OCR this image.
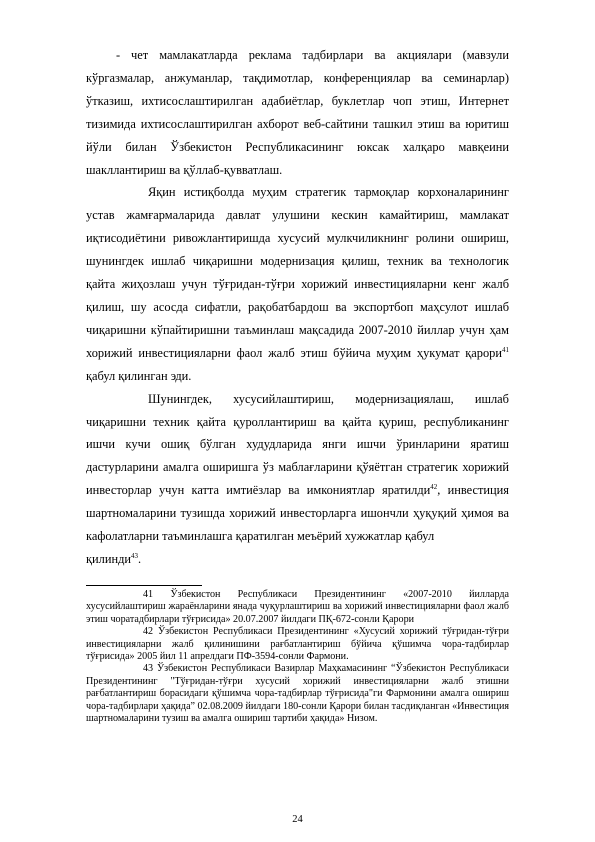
- чет мамлакатларда реклама тадбирлари ва акциялари (мавзули кўргазмалар, анжуманлар, тақдимотлар, конференциялар ва семинарлар) ўтказиш, ихтисослаштирилган адабиётлар, буклетлар чоп этиш, Интернет тизимида ихтисослаштирилган ахборот веб-сайтини ташкил этиш ва юритиш йўли билан Ўзбекистон Республикасининг юксак халқаро мавқеини шакллантириш ва қўллаб-қувватлаш.

Яқин истиқболда муҳим стратегик тармоқлар корхоналарининг устав жамғармаларида давлат улушини кескин камайтириш, мамлакат иқтисодиётини ривожлантиришда хусусий мулкчиликнинг ролини ошириш, шунингдек ишлаб чиқаришни модернизация қилиш, техник ва технологик қайта жиҳозлаш учун тўғридан-тўғри хорижий инвестицияларни кенг жалб қилиш, шу асосда сифатли, рақобатбардош ва экспортбоп маҳсулот ишлаб чиқаришни кўпайтиришни таъминлаш мақсадида 2007-2010 йиллар учун ҳам хорижий инвестицияларни фаол жалб этиш бўйича муҳим ҳукумат қарори$^{41}$ қабул қилинган эди.

Шунингдек, хусусийлаштириш, модернизациялаш, ишлаб чиқаришни техник қайта қуроллантириш ва қайта қуриш, республиканинг ишчи кучи ошиқ бўлган худудларида янги ишчи ўринларини яратиш дастурларини амалга оширишга ўз маблағларини қўяётган стратегик хорижий инвесторлар учун катта имтиёзлар ва имкониятлар яратилди$^{42}$, инвестиция шартномаларини тузишда хорижий инвесторларга ишончли ҳуқуқий ҳимоя ва кафолатларни таъминлашга қаратилган меъёрий хужжатлар қабул

қилинди$^{43}$.

41 Ўзбекистон Республикаси Президентининг «2007-2010 йилларда хусусийлаштириш жараёнларини янада чуқурлаштириш ва хорижий инвестицияларни фаол жалб этиш чоратадбирлари тўғрисида» 20.07.2007 йилдаги ПҚ-672-сонли Қарори

42 Ўзбекистон Республикаси Президентининг «Хусусий хорижий тўғридан-тўғри инвестицияларни жалб қилинишини рағбатлантириш бўйича қўшимча чора-тадбирлар тўғрисида» 2005 йил 11 апрелдаги ПФ-3594-сонли Фармони.

43 Ўзбекистон Республикаси Вазирлар Маҳкамасининг “Ўзбекистон Республикаси Президентининг "Тўғридан-тўғри хусусий хорижий инвестицияларни жалб этишни рағбатлантириш борасидаги қўшимча чора-тадбирлар тўғрисида"ги Фармонини амалга ошириш чора-тадбирлари ҳақида” 02.08.2009 йилдаги 180-сонли Қарори билан тасдиқланган «Инвестиция шартномаларини тузиш ва амалга ошириш тартиби ҳақида» Низом.

24
